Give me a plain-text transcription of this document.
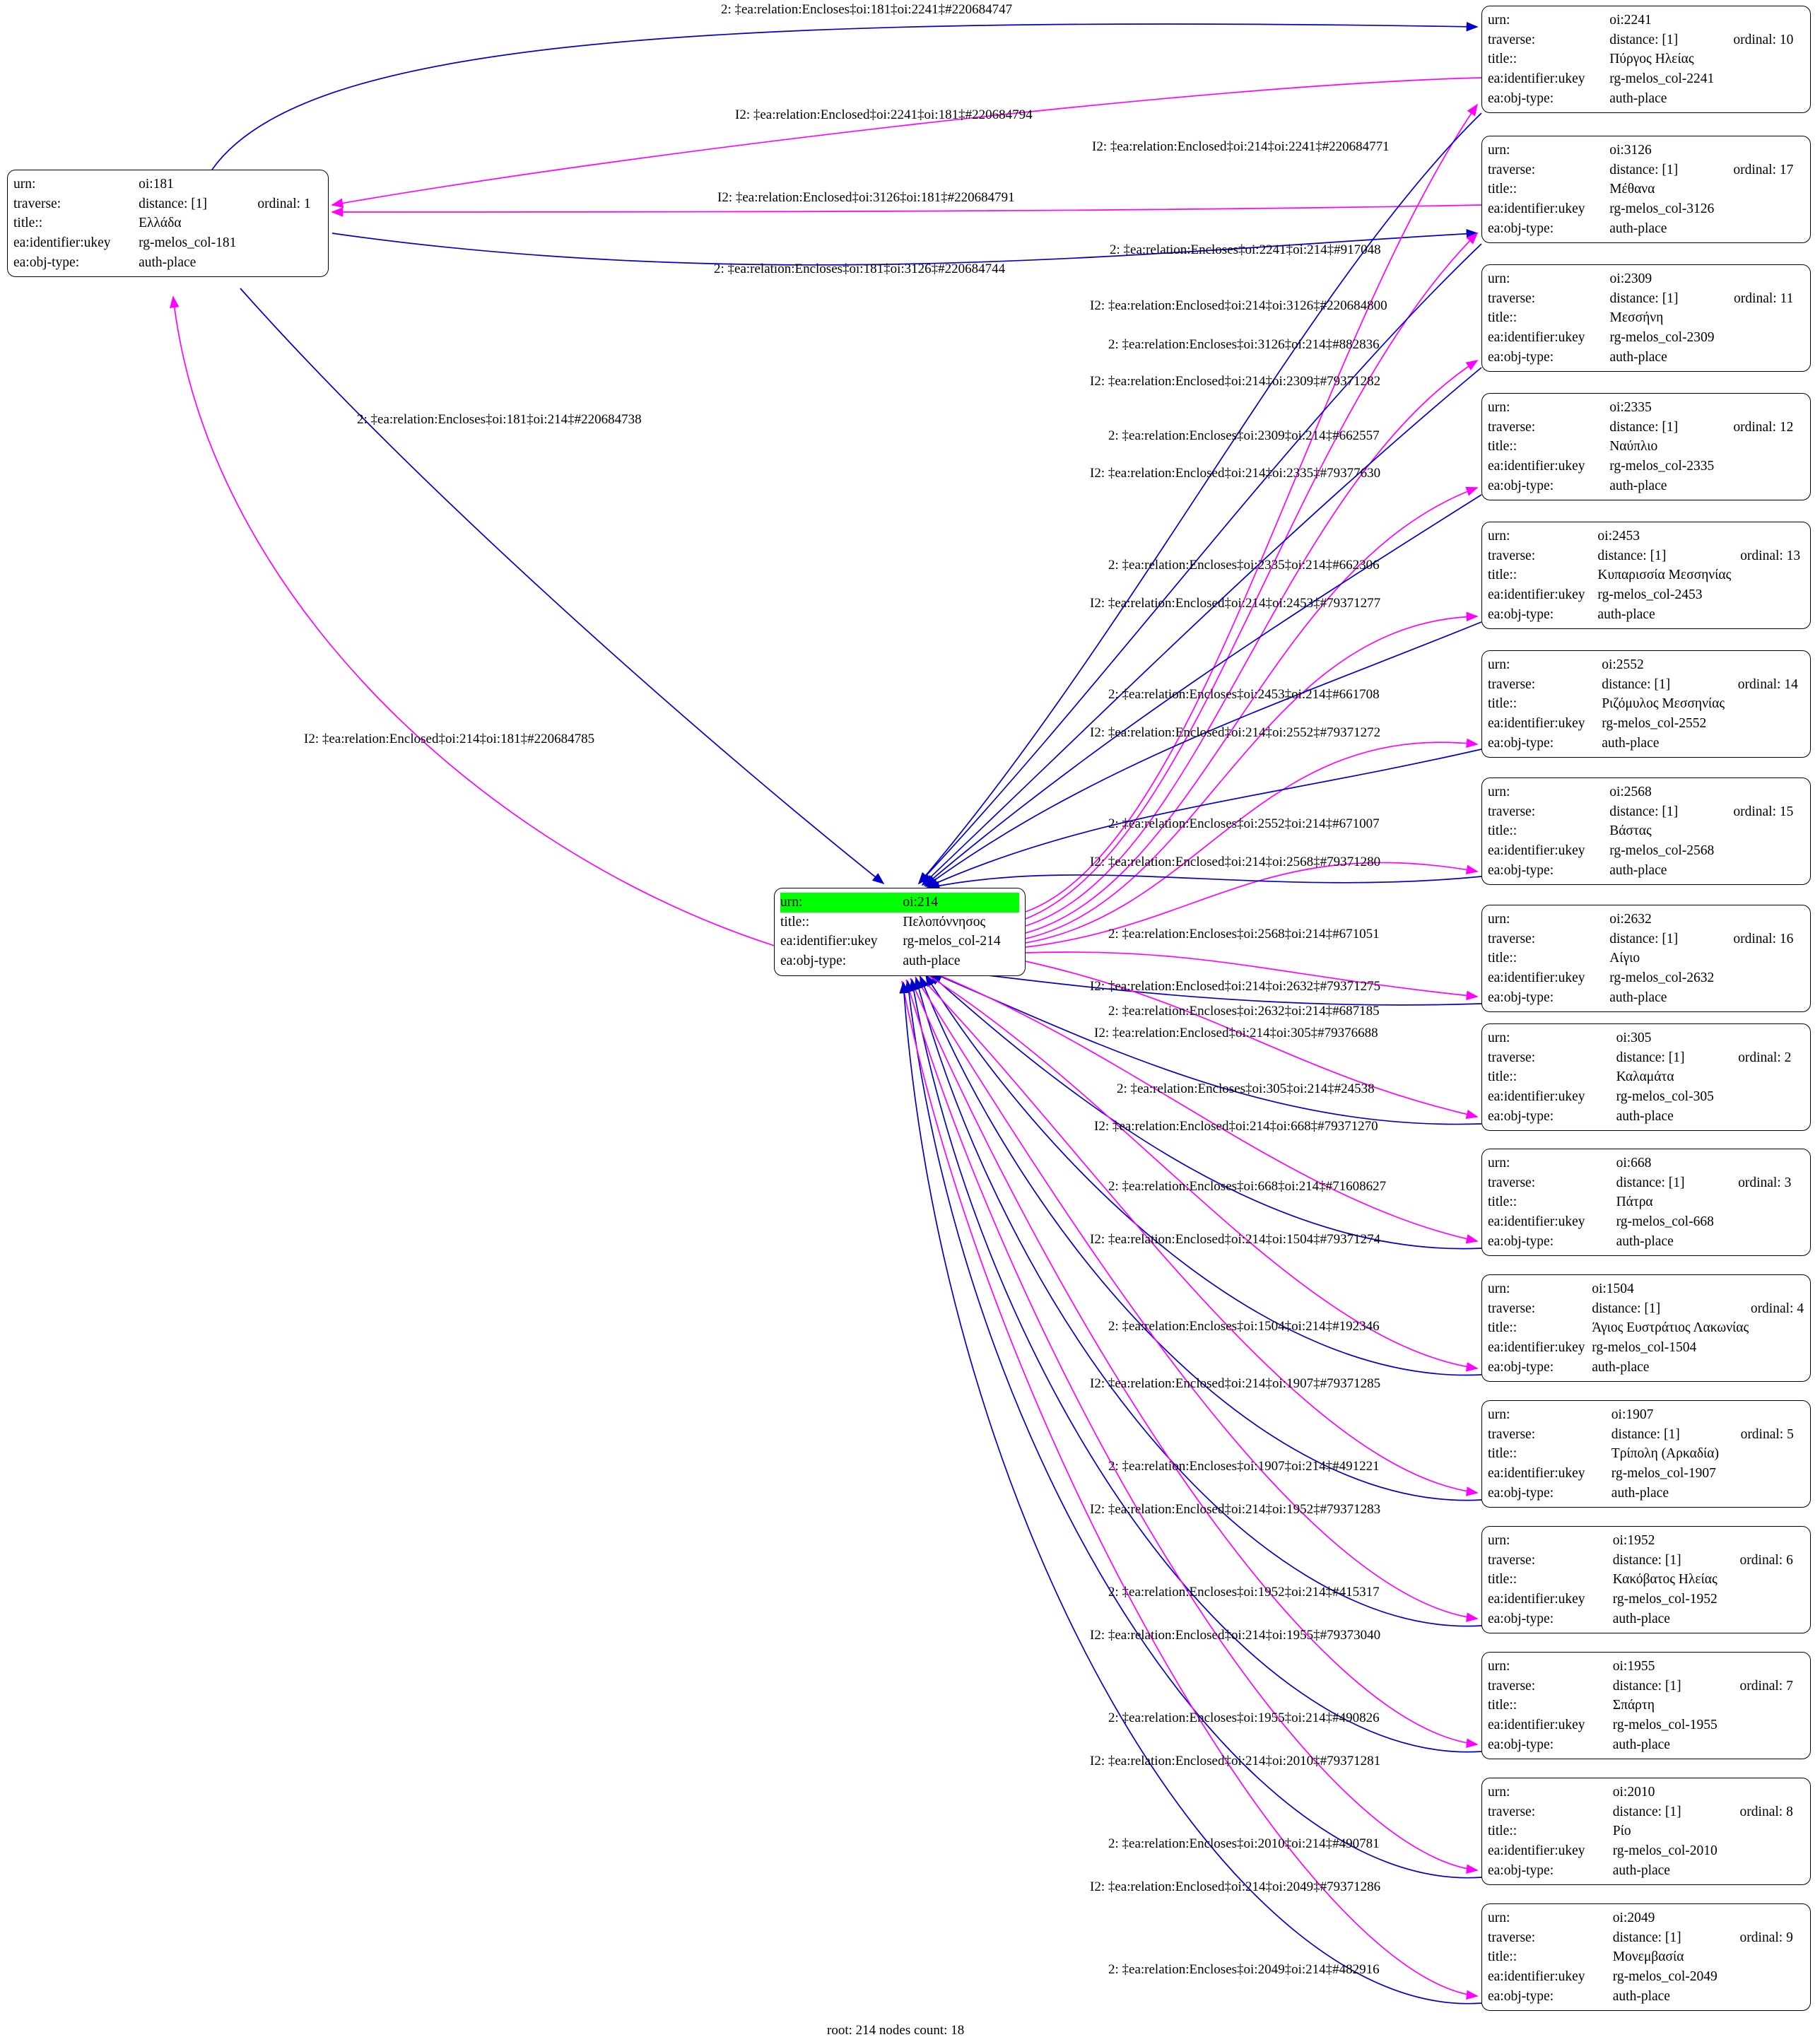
urn:	oi:181	
traverse:	distance: [1]	ordinal: 1
title::	Ελλάδα	
ea:identifier:ukey	rg-melos_col-181	
ea:obj-type:	auth-place	
urn:	oi:214
title::	Πελοπόννησος
ea:identifier:ukey	rg-melos_col-214
ea:obj-type:	auth-place
urn:	oi:2241	
traverse:	distance: [1]	ordinal: 10
title::	Πύργος Ηλείας	
ea:identifier:ukey	rg-melos_col-2241	
ea:obj-type:	auth-place	
urn:	oi:3126	
traverse:	distance: [1]	ordinal: 17
title::	Μέθανα	
ea:identifier:ukey	rg-melos_col-3126	
ea:obj-type:	auth-place	
urn:	oi:2309	
traverse:	distance: [1]	ordinal: 11
title::	Μεσσήνη	
ea:identifier:ukey	rg-melos_col-2309	
ea:obj-type:	auth-place	
urn:	oi:2335	
traverse:	distance: [1]	ordinal: 12
title::	Ναύπλιο	
ea:identifier:ukey	rg-melos_col-2335	
ea:obj-type:	auth-place	
urn:	oi:2453	
traverse:	distance: [1]	ordinal: 13
title::	Κυπαρισσία Μεσσηνίας	
ea:identifier:ukey	rg-melos_col-2453	
ea:obj-type:	auth-place	
urn:	oi:2552	
traverse:	distance: [1]	ordinal: 14
title::	Ριζόμυλος Μεσσηνίας	
ea:identifier:ukey	rg-melos_col-2552	
ea:obj-type:	auth-place	
urn:	oi:2568	
traverse:	distance: [1]	ordinal: 15
title::	Βάστας	
ea:identifier:ukey	rg-melos_col-2568	
ea:obj-type:	auth-place	
urn:	oi:2632	
traverse:	distance: [1]	ordinal: 16
title::	Αίγιο	
ea:identifier:ukey	rg-melos_col-2632	
ea:obj-type:	auth-place	
urn:	oi:305	
traverse:	distance: [1]	ordinal: 2
title::	Καλαμάτα	
ea:identifier:ukey	rg-melos_col-305	
ea:obj-type:	auth-place	
urn:	oi:668	
traverse:	distance: [1]	ordinal: 3
title::	Πάτρα	
ea:identifier:ukey	rg-melos_col-668	
ea:obj-type:	auth-place	
urn:	oi:1504	
traverse:	distance: [1]	ordinal: 4
title::	Άγιος Ευστράτιος Λακωνίας	
ea:identifier:ukey	rg-melos_col-1504	
ea:obj-type:	auth-place	
urn:	oi:1907	
traverse:	distance: [1]	ordinal: 5
title::	Τρίπολη (Αρκαδία)	
ea:identifier:ukey	rg-melos_col-1907	
ea:obj-type:	auth-place	
urn:	oi:1952	
traverse:	distance: [1]	ordinal: 6
title::	Κακόβατος Ηλείας	
ea:identifier:ukey	rg-melos_col-1952	
ea:obj-type:	auth-place	
urn:	oi:1955	
traverse:	distance: [1]	ordinal: 7
title::	Σπάρτη	
ea:identifier:ukey	rg-melos_col-1955	
ea:obj-type:	auth-place	
urn:	oi:2010	
traverse:	distance: [1]	ordinal: 8
title::	Ρίο	
ea:identifier:ukey	rg-melos_col-2010	
ea:obj-type:	auth-place	
urn:	oi:2049	
traverse:	distance: [1]	ordinal: 9
title::	Μονεμβασία	
ea:identifier:ukey	rg-melos_col-2049	
ea:obj-type:	auth-place	
2: ‡ea:relation:Encloses‡oi:181‡oi:2241‡#220684747
I2: ‡ea:relation:Enclosed‡oi:2241‡oi:181‡#220684794
I2: ‡ea:relation:Enclosed‡oi:214‡oi:2241‡#220684771
I2: ‡ea:relation:Enclosed‡oi:3126‡oi:181‡#220684791
2: ‡ea:relation:Encloses‡oi:181‡oi:3126‡#220684744
2: ‡ea:relation:Encloses‡oi:2241‡oi:214‡#917048
I2: ‡ea:relation:Enclosed‡oi:214‡oi:3126‡#220684800
2: ‡ea:relation:Encloses‡oi:3126‡oi:214‡#882836
I2: ‡ea:relation:Enclosed‡oi:214‡oi:2309‡#79371282
2: ‡ea:relation:Encloses‡oi:2309‡oi:214‡#662557
I2: ‡ea:relation:Enclosed‡oi:214‡oi:2335‡#79377630
2: ‡ea:relation:Encloses‡oi:181‡oi:214‡#220684738
2: ‡ea:relation:Encloses‡oi:2335‡oi:214‡#662306
I2: ‡ea:relation:Enclosed‡oi:214‡oi:2453‡#79371277
2: ‡ea:relation:Encloses‡oi:2453‡oi:214‡#661708
I2: ‡ea:relation:Enclosed‡oi:214‡oi:2552‡#79371272
I2: ‡ea:relation:Enclosed‡oi:214‡oi:181‡#220684785
2: ‡ea:relation:Encloses‡oi:2552‡oi:214‡#671007
I2: ‡ea:relation:Enclosed‡oi:214‡oi:2568‡#79371280
2: ‡ea:relation:Encloses‡oi:2568‡oi:214‡#671051
I2: ‡ea:relation:Enclosed‡oi:214‡oi:2632‡#79371275
2: ‡ea:relation:Encloses‡oi:2632‡oi:214‡#687185
I2: ‡ea:relation:Enclosed‡oi:214‡oi:305‡#79376688
2: ‡ea:relation:Encloses‡oi:305‡oi:214‡#24538
I2: ‡ea:relation:Enclosed‡oi:214‡oi:668‡#79371270
2: ‡ea:relation:Encloses‡oi:668‡oi:214‡#71608627
I2: ‡ea:relation:Enclosed‡oi:214‡oi:1504‡#79371274
2: ‡ea:relation:Encloses‡oi:1504‡oi:214‡#192346
I2: ‡ea:relation:Enclosed‡oi:214‡oi:1907‡#79371285
2: ‡ea:relation:Encloses‡oi:1907‡oi:214‡#491221
I2: ‡ea:relation:Enclosed‡oi:214‡oi:1952‡#79371283
2: ‡ea:relation:Encloses‡oi:1952‡oi:214‡#415317
I2: ‡ea:relation:Enclosed‡oi:214‡oi:1955‡#79373040
2: ‡ea:relation:Encloses‡oi:1955‡oi:214‡#490826
I2: ‡ea:relation:Enclosed‡oi:214‡oi:2010‡#79371281
2: ‡ea:relation:Encloses‡oi:2010‡oi:214‡#490781
I2: ‡ea:relation:Enclosed‡oi:214‡oi:2049‡#79371286
2: ‡ea:relation:Encloses‡oi:2049‡oi:214‡#482916
root: 214 nodes count: 18
